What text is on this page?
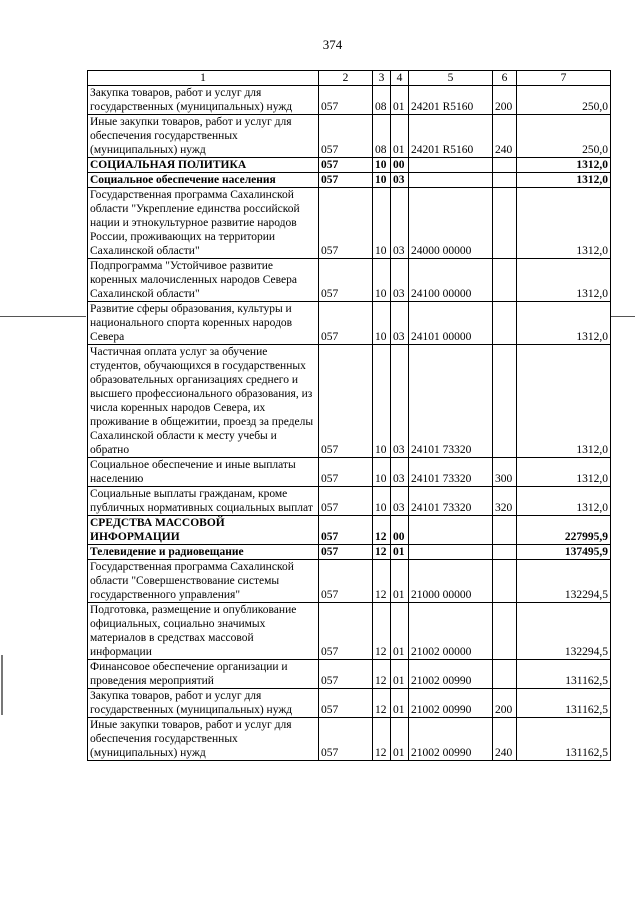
374
1	2	3	4	5	6	7
Закупка товаров, работ и услуг для государственных (муниципальных) нужд	057	08	01	24201 R5160	200	250,0
Иные закупки товаров, работ и услуг для обеспечения государственных (муниципальных) нужд	057	08	01	24201 R5160	240	250,0
СОЦИАЛЬНАЯ ПОЛИТИКА	057	10	00			1312,0
Социальное обеспечение населения	057	10	03			1312,0
Государственная программа Сахалинской области "Укрепление единства российской нации и этнокультурное развитие народов России, проживающих на территории Сахалинской области"	057	10	03	24000 00000		1312,0
Подпрограмма "Устойчивое развитие коренных малочисленных народов Севера Сахалинской области"	057	10	03	24100 00000		1312,0
Развитие сферы образования, культуры и национального спорта коренных народов Севера	057	10	03	24101 00000		1312,0
Частичная оплата услуг за обучение студентов, обучающихся в государственных образовательных организациях среднего и высшего профессионального образования, из числа коренных народов Севера, их проживание в общежитии, проезд за пределы Сахалинской области к месту учебы и обратно	057	10	03	24101 73320		1312,0
Социальное обеспечение и иные выплаты населению	057	10	03	24101 73320	300	1312,0
Социальные выплаты гражданам, кроме публичных нормативных социальных выплат	057	10	03	24101 73320	320	1312,0
СРЕДСТВА МАССОВОЙ ИНФОРМАЦИИ	057	12	00			227995,9
Телевидение и радиовещание	057	12	01			137495,9
Государственная программа Сахалинской области "Совершенствование системы государственного управления"	057	12	01	21000 00000		132294,5
Подготовка, размещение и опубликование официальных, социально значимых материалов в средствах массовой информации	057	12	01	21002 00000		132294,5
Финансовое обеспечение организации и проведения мероприятий	057	12	01	21002 00990		131162,5
Закупка товаров, работ и услуг для государственных (муниципальных) нужд	057	12	01	21002 00990	200	131162,5
Иные закупки товаров, работ и услуг для обеспечения государственных (муниципальных) нужд	057	12	01	21002 00990	240	131162,5
